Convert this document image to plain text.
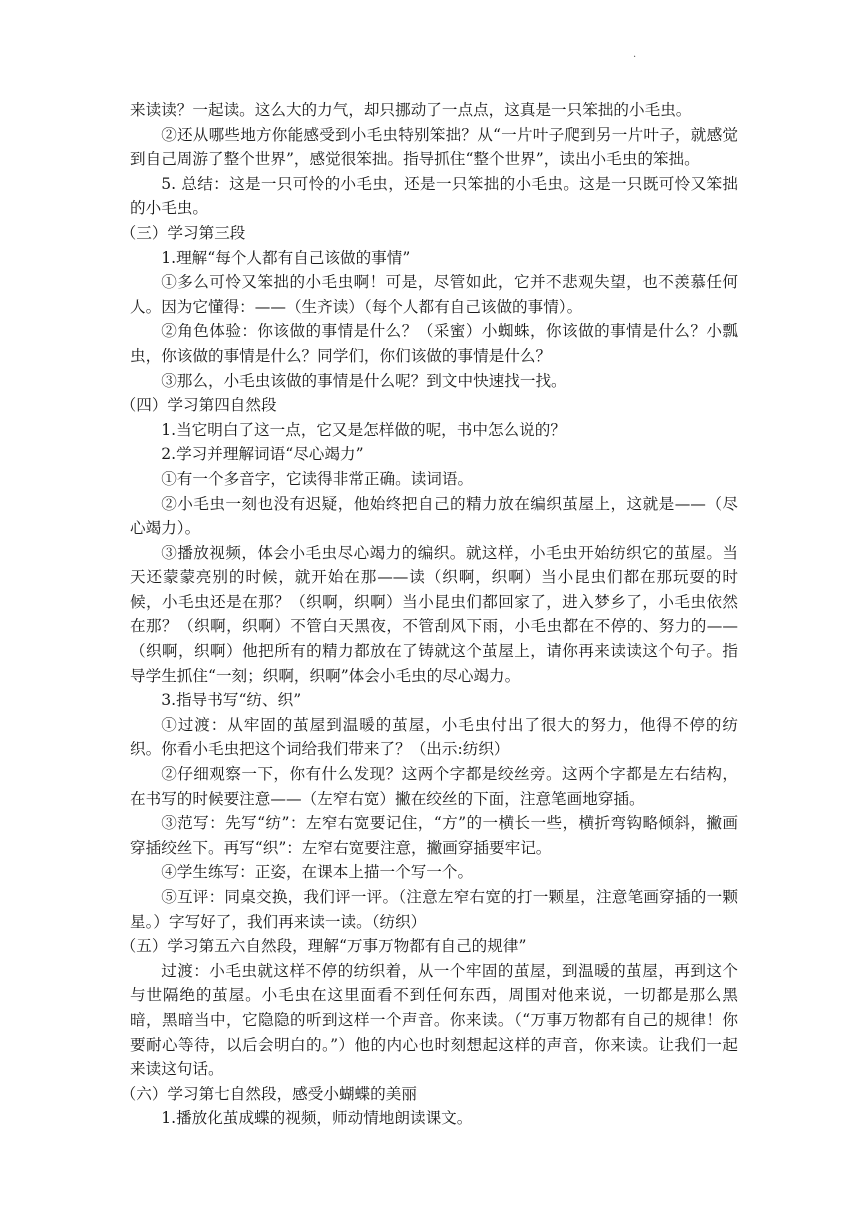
.

来读读？一起读。这么大的力气，却只挪动了一点点，这真是一只笨拙的小毛虫。

②还从哪些地方你能感受到小毛虫特别笨拙？从“一片叶子爬到另一片叶子，就感觉到自己周游了整个世界”，感觉很笨拙。指导抓住“整个世界”，读出小毛虫的笨拙。

5. 总结：这是一只可怜的小毛虫，还是一只笨拙的小毛虫。这是一只既可怜又笨拙的小毛虫。

（三）学习第三段

1.理解“每个人都有自己该做的事情”

①多么可怜又笨拙的小毛虫啊！可是，尽管如此，它并不悲观失望，也不羡慕任何人。因为它懂得：——（生齐读）（每个人都有自己该做的事情）。

②角色体验：你该做的事情是什么？（采蜜）小蜘蛛，你该做的事情是什么？小瓢虫，你该做的事情是什么？同学们，你们该做的事情是什么？

③那么，小毛虫该做的事情是什么呢？到文中快速找一找。

（四）学习第四自然段

1.当它明白了这一点，它又是怎样做的呢，书中怎么说的？

2.学习并理解词语“尽心竭力”

①有一个多音字，它读得非常正确。读词语。

②小毛虫一刻也没有迟疑，他始终把自己的精力放在编织茧屋上，这就是——（尽心竭力）。

③播放视频，体会小毛虫尽心竭力的编织。就这样，小毛虫开始纺织它的茧屋。当天还蒙蒙亮别的时候，就开始在那——读（织啊，织啊）当小昆虫们都在那玩耍的时候，小毛虫还是在那？（织啊，织啊）当小昆虫们都回家了，进入梦乡了，小毛虫依然在那？（织啊，织啊）不管白天黑夜，不管刮风下雨，小毛虫都在不停的、努力的——（织啊，织啊）他把所有的精力都放在了铸就这个茧屋上，请你再来读读这个句子。指导学生抓住“一刻；织啊，织啊”体会小毛虫的尽心竭力。

3.指导书写“纺、织”

①过渡：从牢固的茧屋到温暖的茧屋，小毛虫付出了很大的努力，他得不停的纺织。你看小毛虫把这个词给我们带来了？（出示:纺织）

②仔细观察一下，你有什么发现？这两个字都是绞丝旁。这两个字都是左右结构，在书写的时候要注意——（左窄右宽）撇在绞丝的下面，注意笔画地穿插。

③范写：先写“纺”：左窄右宽要记住，“方”的一横长一些，横折弯钩略倾斜，撇画穿插绞丝下。再写“织”：左窄右宽要注意，撇画穿插要牢记。

④学生练写：正姿，在课本上描一个写一个。

⑤互评：同桌交换，我们评一评。（注意左窄右宽的打一颗星，注意笔画穿插的一颗星。）字写好了，我们再来读一读。（纺织）

（五）学习第五六自然段，理解“万事万物都有自己的规律”

过渡：小毛虫就这样不停的纺织着，从一个牢固的茧屋，到温暖的茧屋，再到这个与世隔绝的茧屋。小毛虫在这里面看不到任何东西，周围对他来说，一切都是那么黑暗，黑暗当中，它隐隐的听到这样一个声音。你来读。（“万事万物都有自己的规律！你要耐心等待，以后会明白的。”）他的内心也时刻想起这样的声音，你来读。让我们一起来读这句话。

（六）学习第七自然段，感受小蝴蝶的美丽

1.播放化茧成蝶的视频，师动情地朗读课文。
